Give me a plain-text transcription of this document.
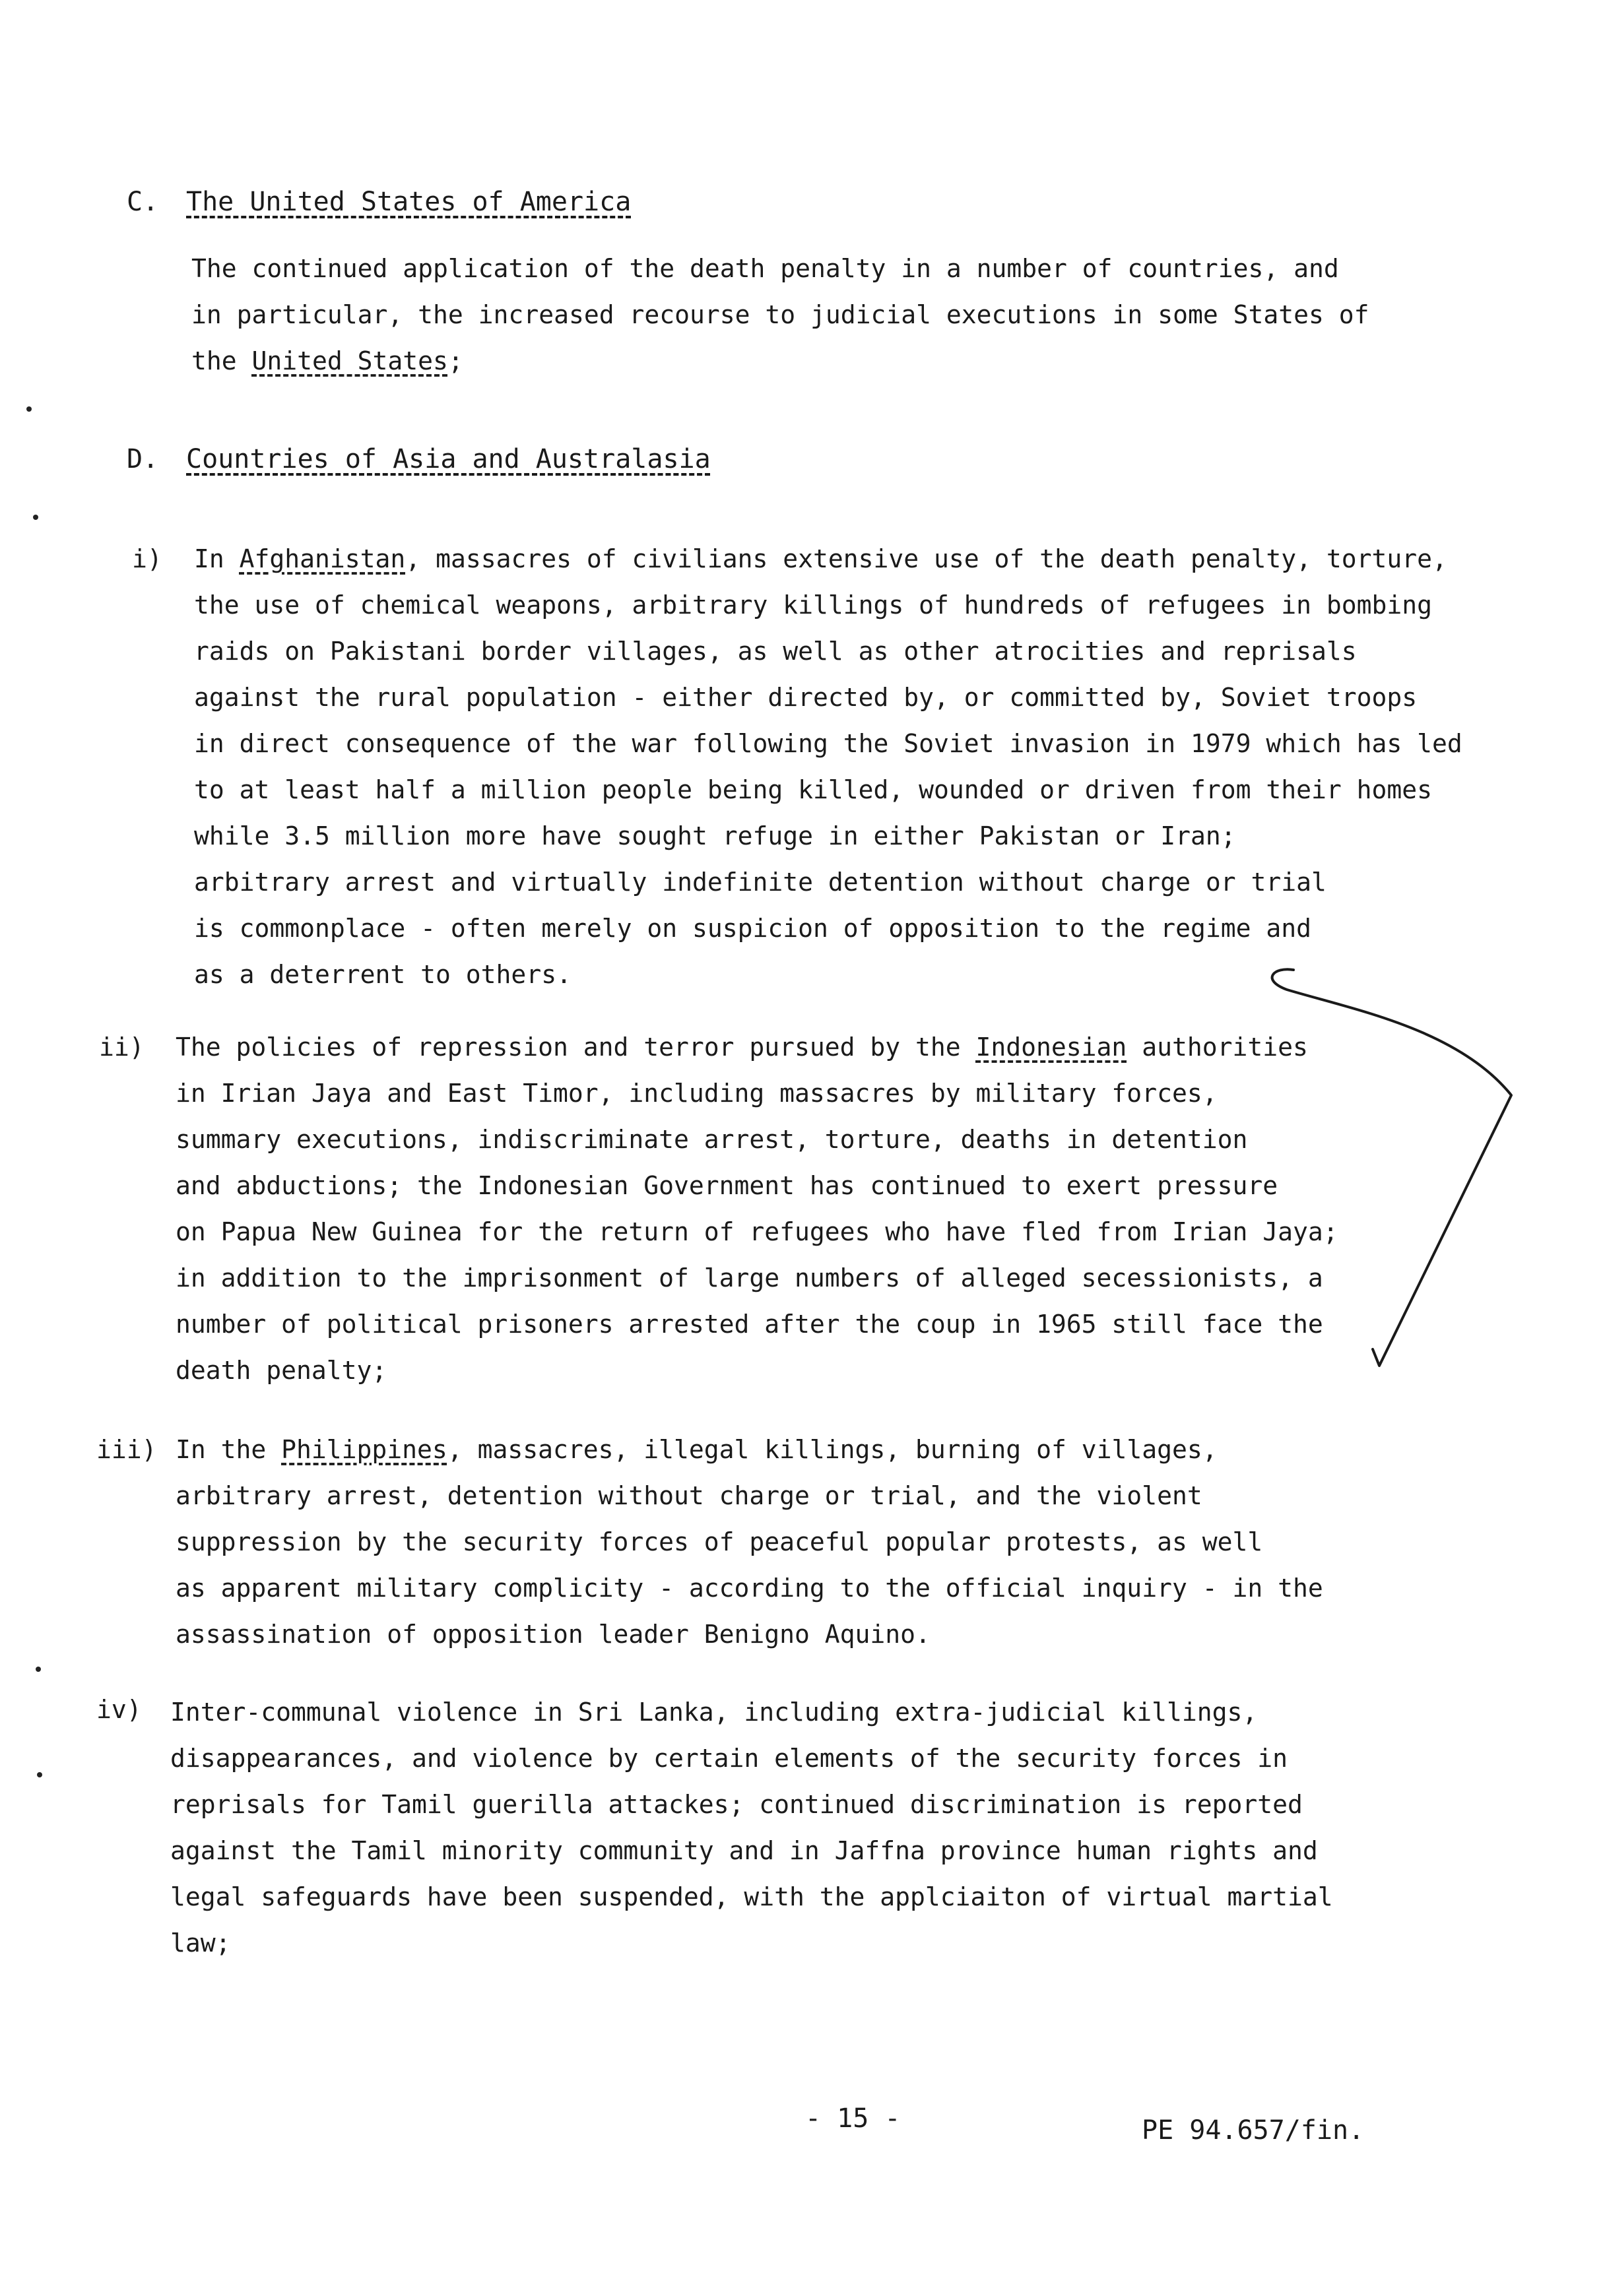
C. The United States of America

The continued application of the death penalty in a number of countries, and

in particular, the increased recourse to judicial executions in some States of

the United States;

D. Countries of Asia and Australasia
i) In Afghanistan, massacres of civilians extensive use of the death penalty, torture,

the use of chemical weapons, arbitrary killings of hundreds of refugees in bombing

raids on Pakistani border villages, as well as other atrocities and reprisals

against the rural population - either directed by, or committed by, Soviet troops

in direct consequence of the war following the Soviet invasion in 1979 which has led

to at least half a million people being killed, wounded or driven from their homes

while 3.5 million more have sought refuge in either Pakistan or Iran;

arbitrary arrest and virtually indefinite detention without charge or trial

is commonplace - often merely on suspicion of opposition to the regime and

as a deterrent to others.

ii) The policies of repression and terror pursued by the Indonesian authorities

in Irian Jaya and East Timor, including massacres by military forces,

summary executions, indiscriminate arrest, torture, deaths in detention

and abductions; the Indonesian Government has continued to exert pressure

on Papua New Guinea for the return of refugees who have fled from Irian Jaya;

in addition to the imprisonment of large numbers of alleged secessionists, a

number of political prisoners arrested after the coup in 1965 still face the

death penalty;

iii) In the Philippines, massacres, illegal killings, burning of villages,

arbitrary arrest, detention without charge or trial, and the violent

suppression by the security forces of peaceful popular protests, as well

as apparent military complicity - according to the official inquiry - in the

assassination of opposition leader Benigno Aquino.

iv) Inter-communal violence in Sri Lanka, including extra-judicial killings,

disappearances, and violence by certain elements of the security forces in

reprisals for Tamil guerilla attackes; continued discrimination is reported

against the Tamil minority community and in Jaffna province human rights and

legal safeguards have been suspended, with the applciaiton of virtual martial

law;

- 15 -	PE 94.657/fin.
